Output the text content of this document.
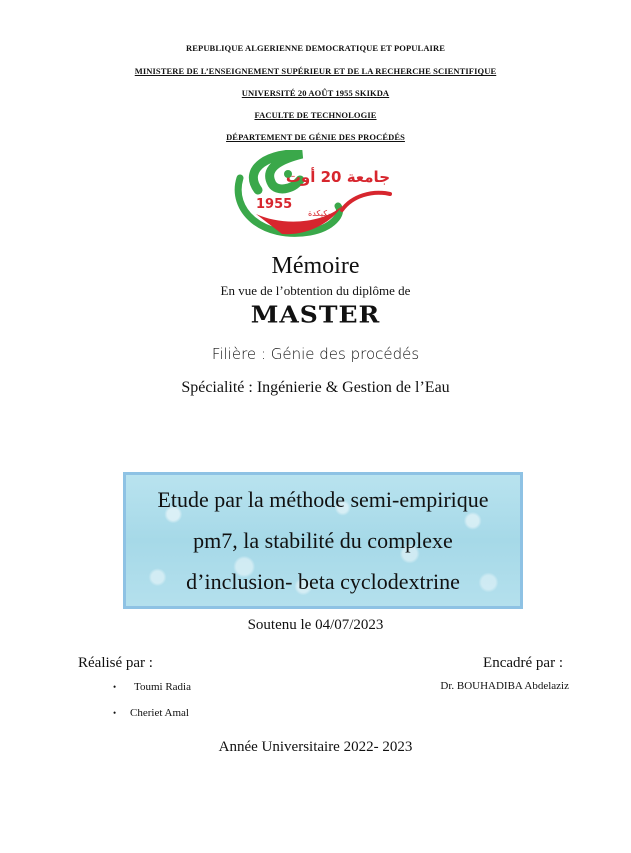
REPUBLIQUE ALGERIENNE DEMOCRATIQUE ET POPULAIRE
MINISTERE DE L’ENSEIGNEMENT SUPÉRIEUR ET DE LA RECHERCHE SCIENTIFIQUE
UNIVERSITÉ 20 AOÛT 1955 SKIKDA
FACULTE DE TECHNOLOGIE
DÉPARTEMENT DE GÉNIE DES PROCÉDÉS
1955
جامعة 20 أوت
سكيكدة
Mémoire
En vue de l’obtention du diplôme de
MASTER
Filière : Génie des procédés
Spécialité : Ingénierie & Gestion de l’Eau
Etude par la méthode semi-empirique
pm7, la stabilité du complexe
d’inclusion- beta cyclodextrine
Soutenu le 04/07/2023
Réalisé par :	Encadré par :
• Toumi Radia
• Cheriet Amal
Dr. BOUHADIBA Abdelaziz
Année Universitaire 2022- 2023
